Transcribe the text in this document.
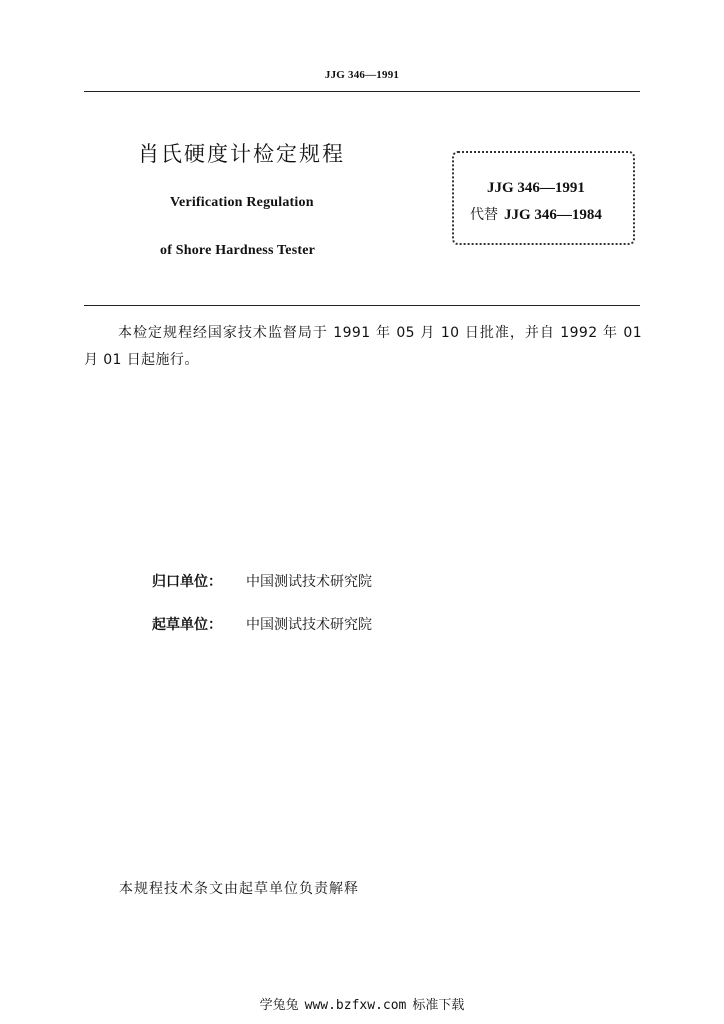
JJG 346—1991
肖氏硬度计检定规程
Verification Regulation
of Shore Hardness Tester
JJG 346—1991
代替 JJG 346—1984
本检定规程经国家技术监督局于 1991 年 05 月 10 日批准，并自 1992 年 01 月 01 日起施行。
归口单位： 中国测试技术研究院
起草单位： 中国测试技术研究院
本规程技术条文由起草单位负责解释
学兔兔 www.bzfxw.com 标准下载
